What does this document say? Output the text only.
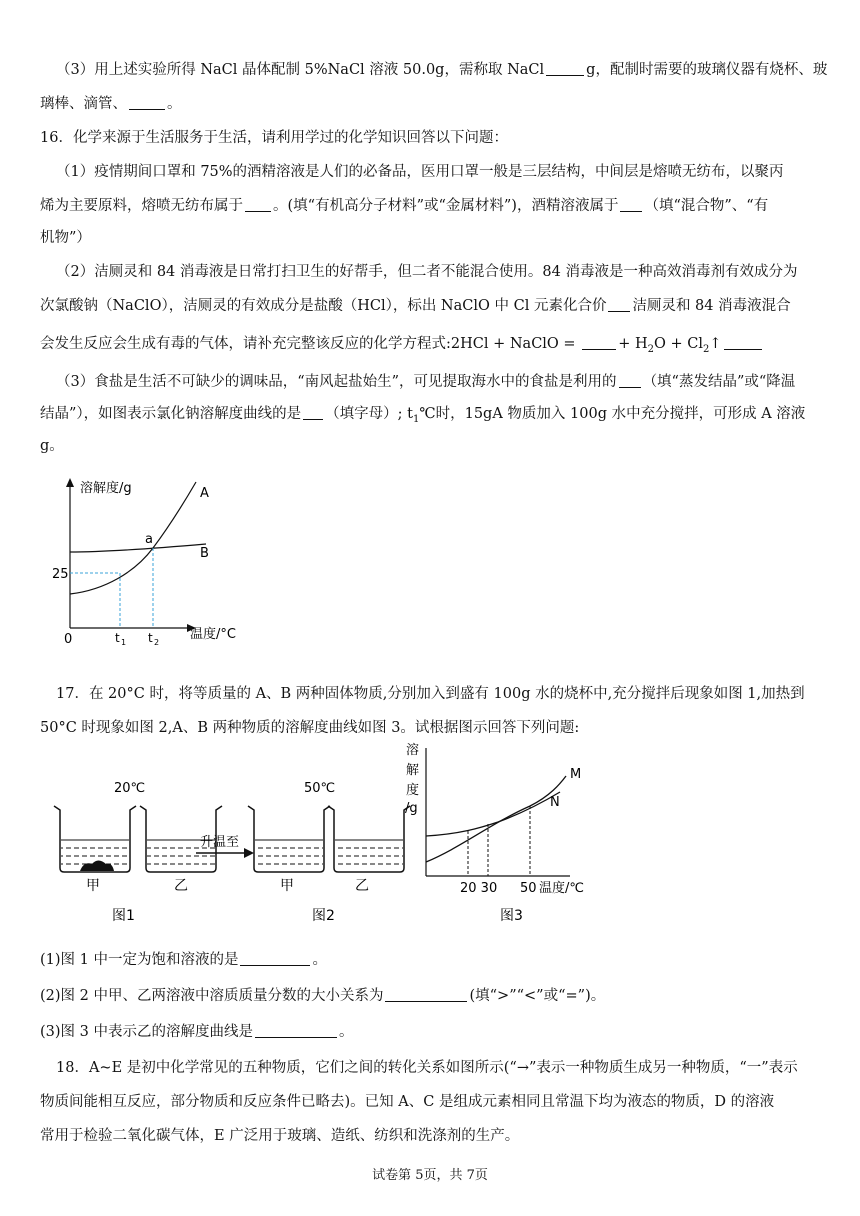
（3）用上述实验所得 NaCl 晶体配制 5%NaCl 溶液 50.0g，需称取 NaCl	g，配制时需要的玻璃仪器有烧杯、玻
璃棒、滴管、	。
16．化学来源于生活服务于生活，请利用学过的化学知识回答以下问题：
（1）疫情期间口罩和 75%的酒精溶液是人们的必备品，医用口罩一般是三层结构，中间层是熔喷无纺布，以聚丙
烯为主要原料，熔喷无纺布属于 。(填“有机高分子材料”或“金属材料”)，酒精溶液属于 （填“混合物”、“有
机物”）
（2）洁厕灵和 84 消毒液是日常打扫卫生的好帮手，但二者不能混合使用。84 消毒液是一种高效消毒剂有效成分为
次氯酸钠（NaClO），洁厕灵的有效成分是盐酸（HCl），标出 NaClO 中 Cl 元素化合价 洁厕灵和 84 消毒液混合
会发生反应会生成有毒的气体，请补充完整该反应的化学方程式:2HCl + NaClO =	+ $H_2O$ + $Cl_2↑$
（3）食盐是生活不可缺少的调味品，“南风起盐始生”，可见提取海水中的食盐是利用的 （填“蒸发结晶”或“降温
结晶”），如图表示氯化钠溶解度曲线的是 （填字母）; $t_1℃$时，15gA 物质加入 100g 水中充分搅拌，可形成 A 溶液
g。
溶解度/g	A
B
a
25
0	t 1 t 2
温度/°C
17．在 20°C 时，将等质量的 A、B 两种固体物质,分别加入到盛有 100g 水的烧杯中,充分搅拌后现象如图 1,加热到
50°C 时现象如图 2,A、B 两种物质的溶解度曲线如图 3。试根据图示回答下列问题:
20℃	50℃
甲	乙
升温至
甲	乙
图1	图2
溶
解
度
/g
M
N
20 30 50 温度/℃
图3
(1)图 1 中一定为饱和溶液的是	。
(2)图 2 中甲、乙两溶液中溶质质量分数的大小关系为	(填“>”“<”或“=”)。
(3)图 3 中表示乙的溶解度曲线是	。
18．A~E 是初中化学常见的五种物质，它们之间的转化关系如图所示(“→”表示一种物质生成另一种物质，“一”表示
物质间能相互反应，部分物质和反应条件已略去)。已知 A、C 是组成元素相同且常温下均为液态的物质，D 的溶液
常用于检验二氧化碳气体，E 广泛用于玻璃、造纸、纺织和洗涤剂的生产。
试卷第 5页，共 7页
